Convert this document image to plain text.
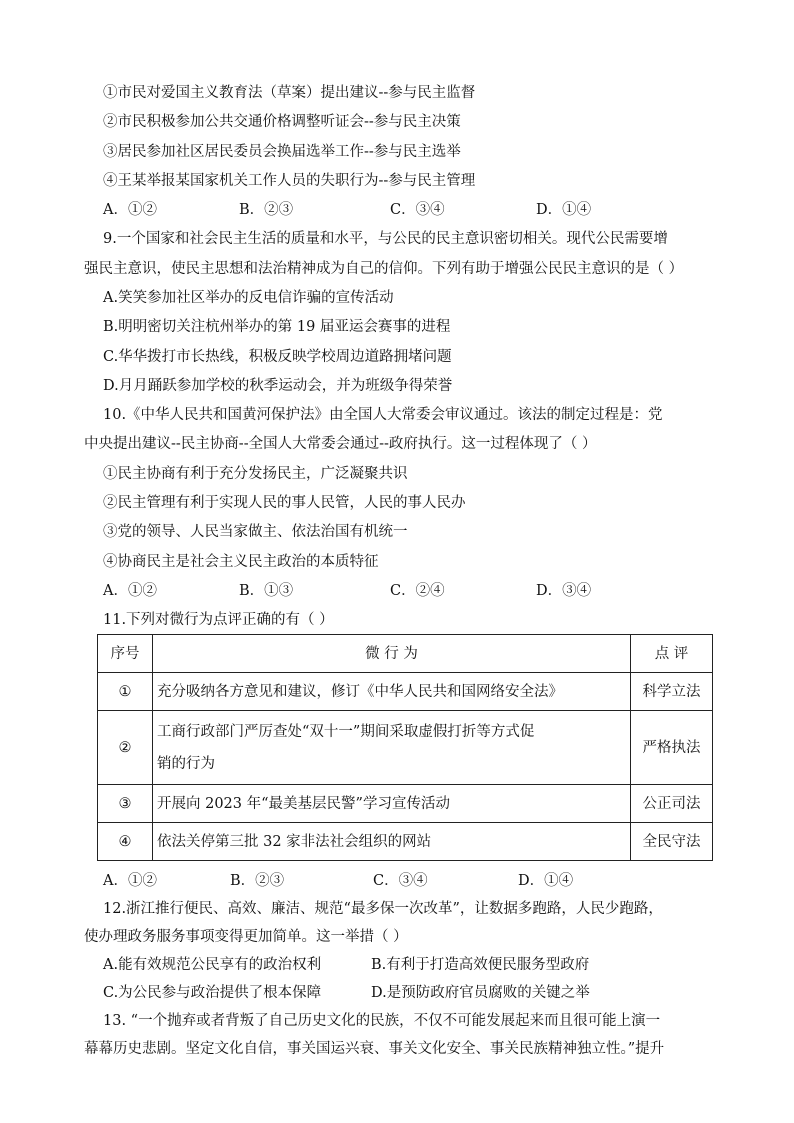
①市民对爱国主义教育法（草案）提出建议--参与民主监督
②市民积极参加公共交通价格调整听证会--参与民主决策
③居民参加社区居民委员会换届选举工作--参与民主选举
④王某举报某国家机关工作人员的失职行为--参与民主管理
A．①②	B．②③	C．③④	D．①④
9.一个国家和社会民主生活的质量和水平，与公民的民主意识密切相关。现代公民需要增
强民主意识，使民主思想和法治精神成为自己的信仰。下列有助于增强公民民主意识的是（ ）
A.笑笑参加社区举办的反电信诈骗的宣传活动
B.明明密切关注杭州举办的第 19 届亚运会赛事的进程
C.华华拨打市长热线，积极反映学校周边道路拥堵问题
D.月月踊跃参加学校的秋季运动会，并为班级争得荣誉
10.《中华人民共和国黄河保护法》由全国人大常委会审议通过。该法的制定过程是：党
中央提出建议--民主协商--全国人大常委会通过--政府执行。这一过程体现了（ ）
①民主协商有利于充分发扬民主，广泛凝聚共识
②民主管理有利于实现人民的事人民管，人民的事人民办
③党的领导、人民当家做主、依法治国有机统一
④协商民主是社会主义民主政治的本质特征
A．①②	B．①③	C．②④	D．③④
11.下列对微行为点评正确的有（ ）
序号	微 行 为	点 评
①	充分吸纳各方意见和建议，修订《中华人民共和国网络安全法》	科学立法
②	工商行政部门严厉查处“双十一”期间采取虚假打折等方式促
销的行为	严格执法
③	开展向 2023 年“最美基层民警”学习宣传活动	公正司法
④	依法关停第三批 32 家非法社会组织的网站	全民守法
A．①②	B．②③	C．③④	D．①④
12.浙江推行便民、高效、廉洁、规范“最多保一次改革”，让数据多跑路，人民少跑路，
使办理政务服务事项变得更加简单。这一举措（ ）
A.能有效规范公民享有的政治权利	B.有利于打造高效便民服务型政府
C.为公民参与政治提供了根本保障	D.是预防政府官员腐败的关键之举
13. “一个抛弃或者背叛了自己历史文化的民族，不仅不可能发展起来而且很可能上演一
幕幕历史悲剧。坚定文化自信，事关国运兴衰、事关文化安全、事关民族精神独立性。”提升
